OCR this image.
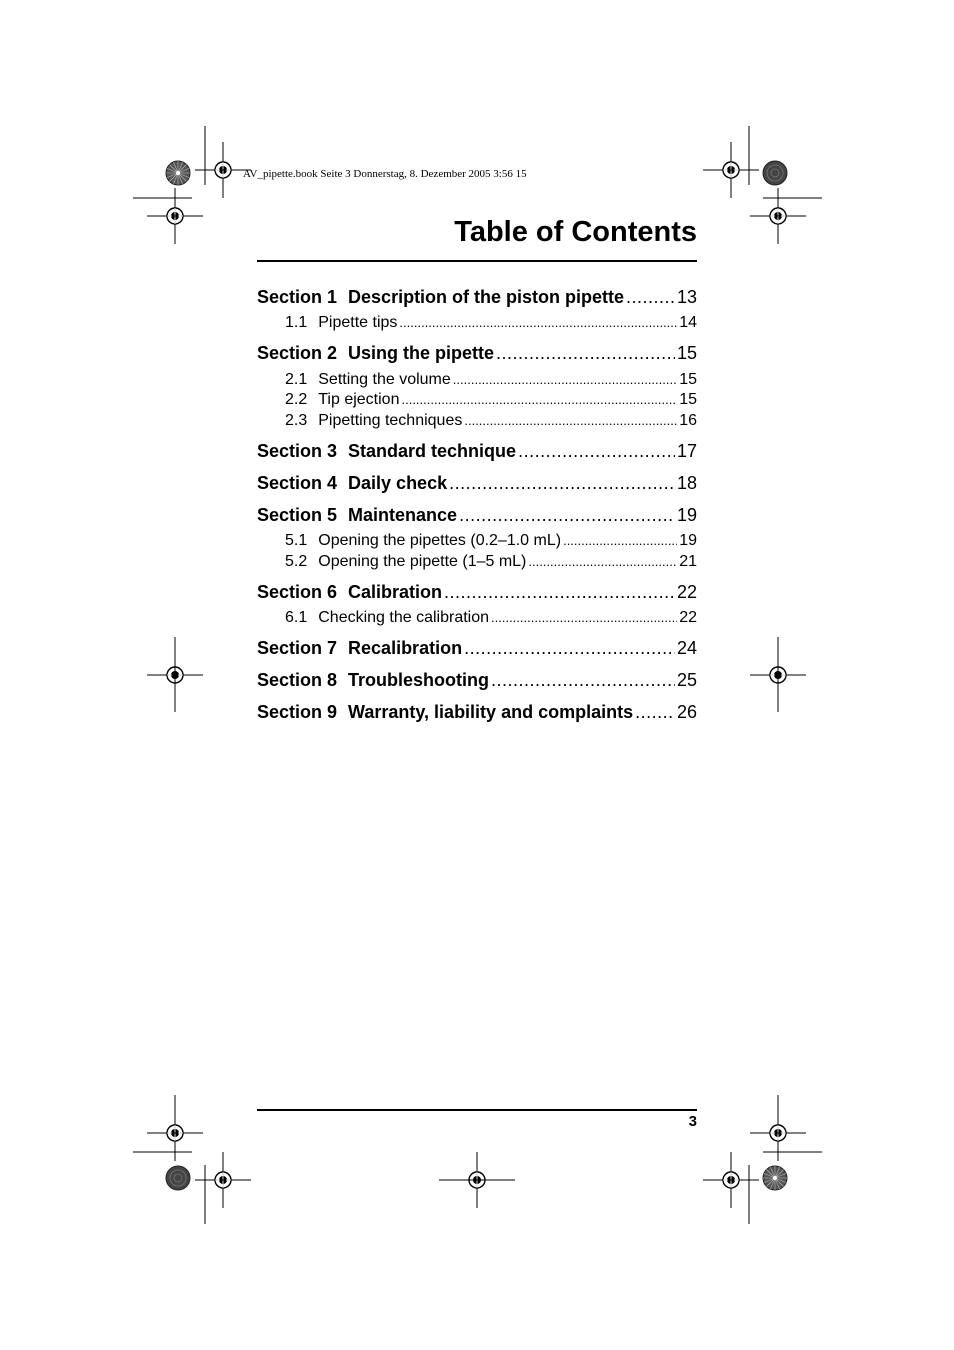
AV_pipette.book Seite 3 Donnerstag, 8. Dezember 2005 3:56 15
Table of Contents
Section 1 Description of the piston pipette .....	13
1.1 Pipette tips .....	14
Section 2 Using the pipette .....	15
2.1 Setting the volume .....	15
2.2 Tip ejection .....	15
2.3 Pipetting techniques .....	16
Section 3 Standard technique .....	17
Section 4 Daily check .....	18
Section 5 Maintenance .....	19
5.1 Opening the pipettes (0.2–1.0 mL) .....	19
5.2 Opening the pipette (1–5 mL) .....	21
Section 6 Calibration .....	22
6.1 Checking the calibration .....	22
Section 7 Recalibration .....	24
Section 8 Troubleshooting .....	25
Section 9 Warranty, liability and complaints ..... 26
3
